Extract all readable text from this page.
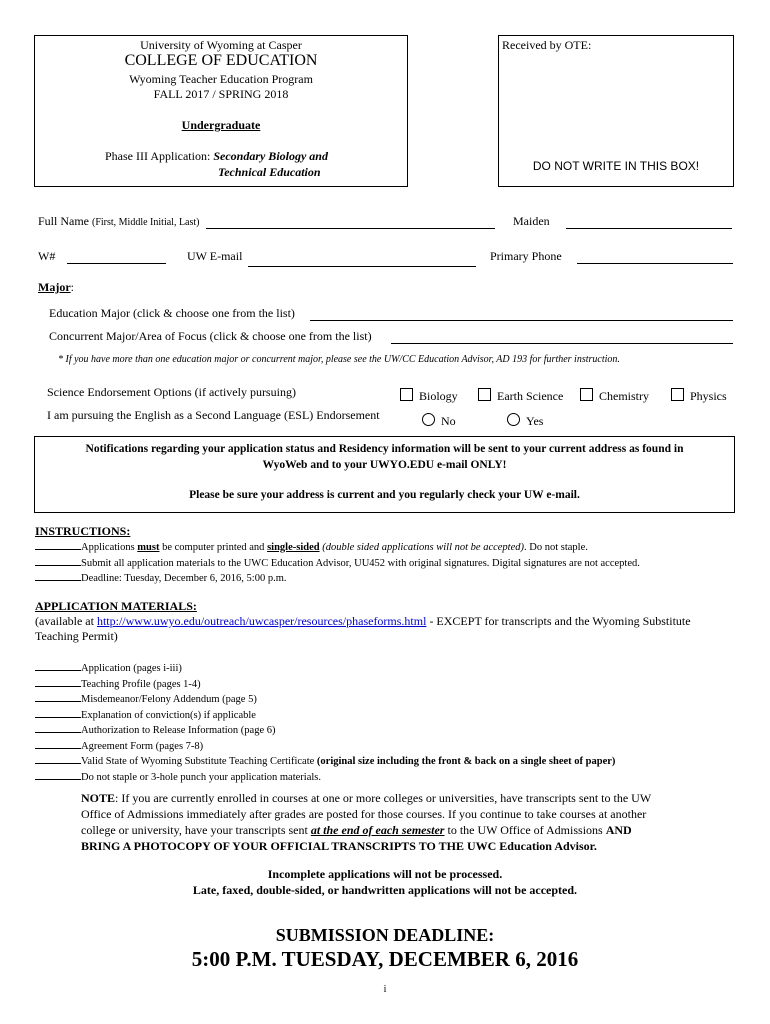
University of Wyoming at Casper
COLLEGE OF EDUCATION
Wyoming Teacher Education Program
FALL 2017 / SPRING 2018
Undergraduate
Phase III Application: Secondary Biology and
Technical Education
Received by OTE:
DO NOT WRITE IN THIS BOX!
Full Name (First, Middle Initial, Last)	Maiden
W#	UW E-mail	Primary Phone
Major:
Education Major (click & choose one from the list)
Concurrent Major/Area of Focus (click & choose one from the list)
* If you have more than one education major or concurrent major, please see the UW/CC Education Advisor, AD 193 for further instruction.
Science Endorsement Options (if actively pursuing)	Biology	Earth Science	Chemistry	Physics
I am pursuing the English as a Second Language (ESL) Endorsement	No	Yes
Notifications regarding your application status and Residency information will be sent to your current address as found in
WyoWeb and to your UWYO.EDU e-mail ONLY!
Please be sure your address is current and you regularly check your UW e-mail.
INSTRUCTIONS:
Applications must be computer printed and single-sided (double sided applications will not be accepted). Do not staple.
Submit all application materials to the UWC Education Advisor, UU452 with original signatures. Digital signatures are not accepted.
Deadline: Tuesday, December 6, 2016, 5:00 p.m.
APPLICATION MATERIALS:
(available at http://www.uwyo.edu/outreach/uwcasper/resources/phaseforms.html - EXCEPT for transcripts and the Wyoming Substitute
Teaching Permit)
Application (pages i-iii)
Teaching Profile (pages 1-4)
Misdemeanor/Felony Addendum (page 5)
Explanation of conviction(s) if applicable
Authorization to Release Information (page 6)
Agreement Form (pages 7-8)
Valid State of Wyoming Substitute Teaching Certificate (original size including the front & back on a single sheet of paper)
Do not staple or 3-hole punch your application materials.
NOTE: If you are currently enrolled in courses at one or more colleges or universities, have transcripts sent to the UW
Office of Admissions immediately after grades are posted for those courses. If you continue to take courses at another
college or university, have your transcripts sent at the end of each semester to the UW Office of Admissions AND
BRING A PHOTOCOPY OF YOUR OFFICIAL TRANSCRIPTS TO THE UWC Education Advisor.
Incomplete applications will not be processed.
Late, faxed, double-sided, or handwritten applications will not be accepted.
SUBMISSION DEADLINE:
5:00 P.M. TUESDAY, DECEMBER 6, 2016
i
